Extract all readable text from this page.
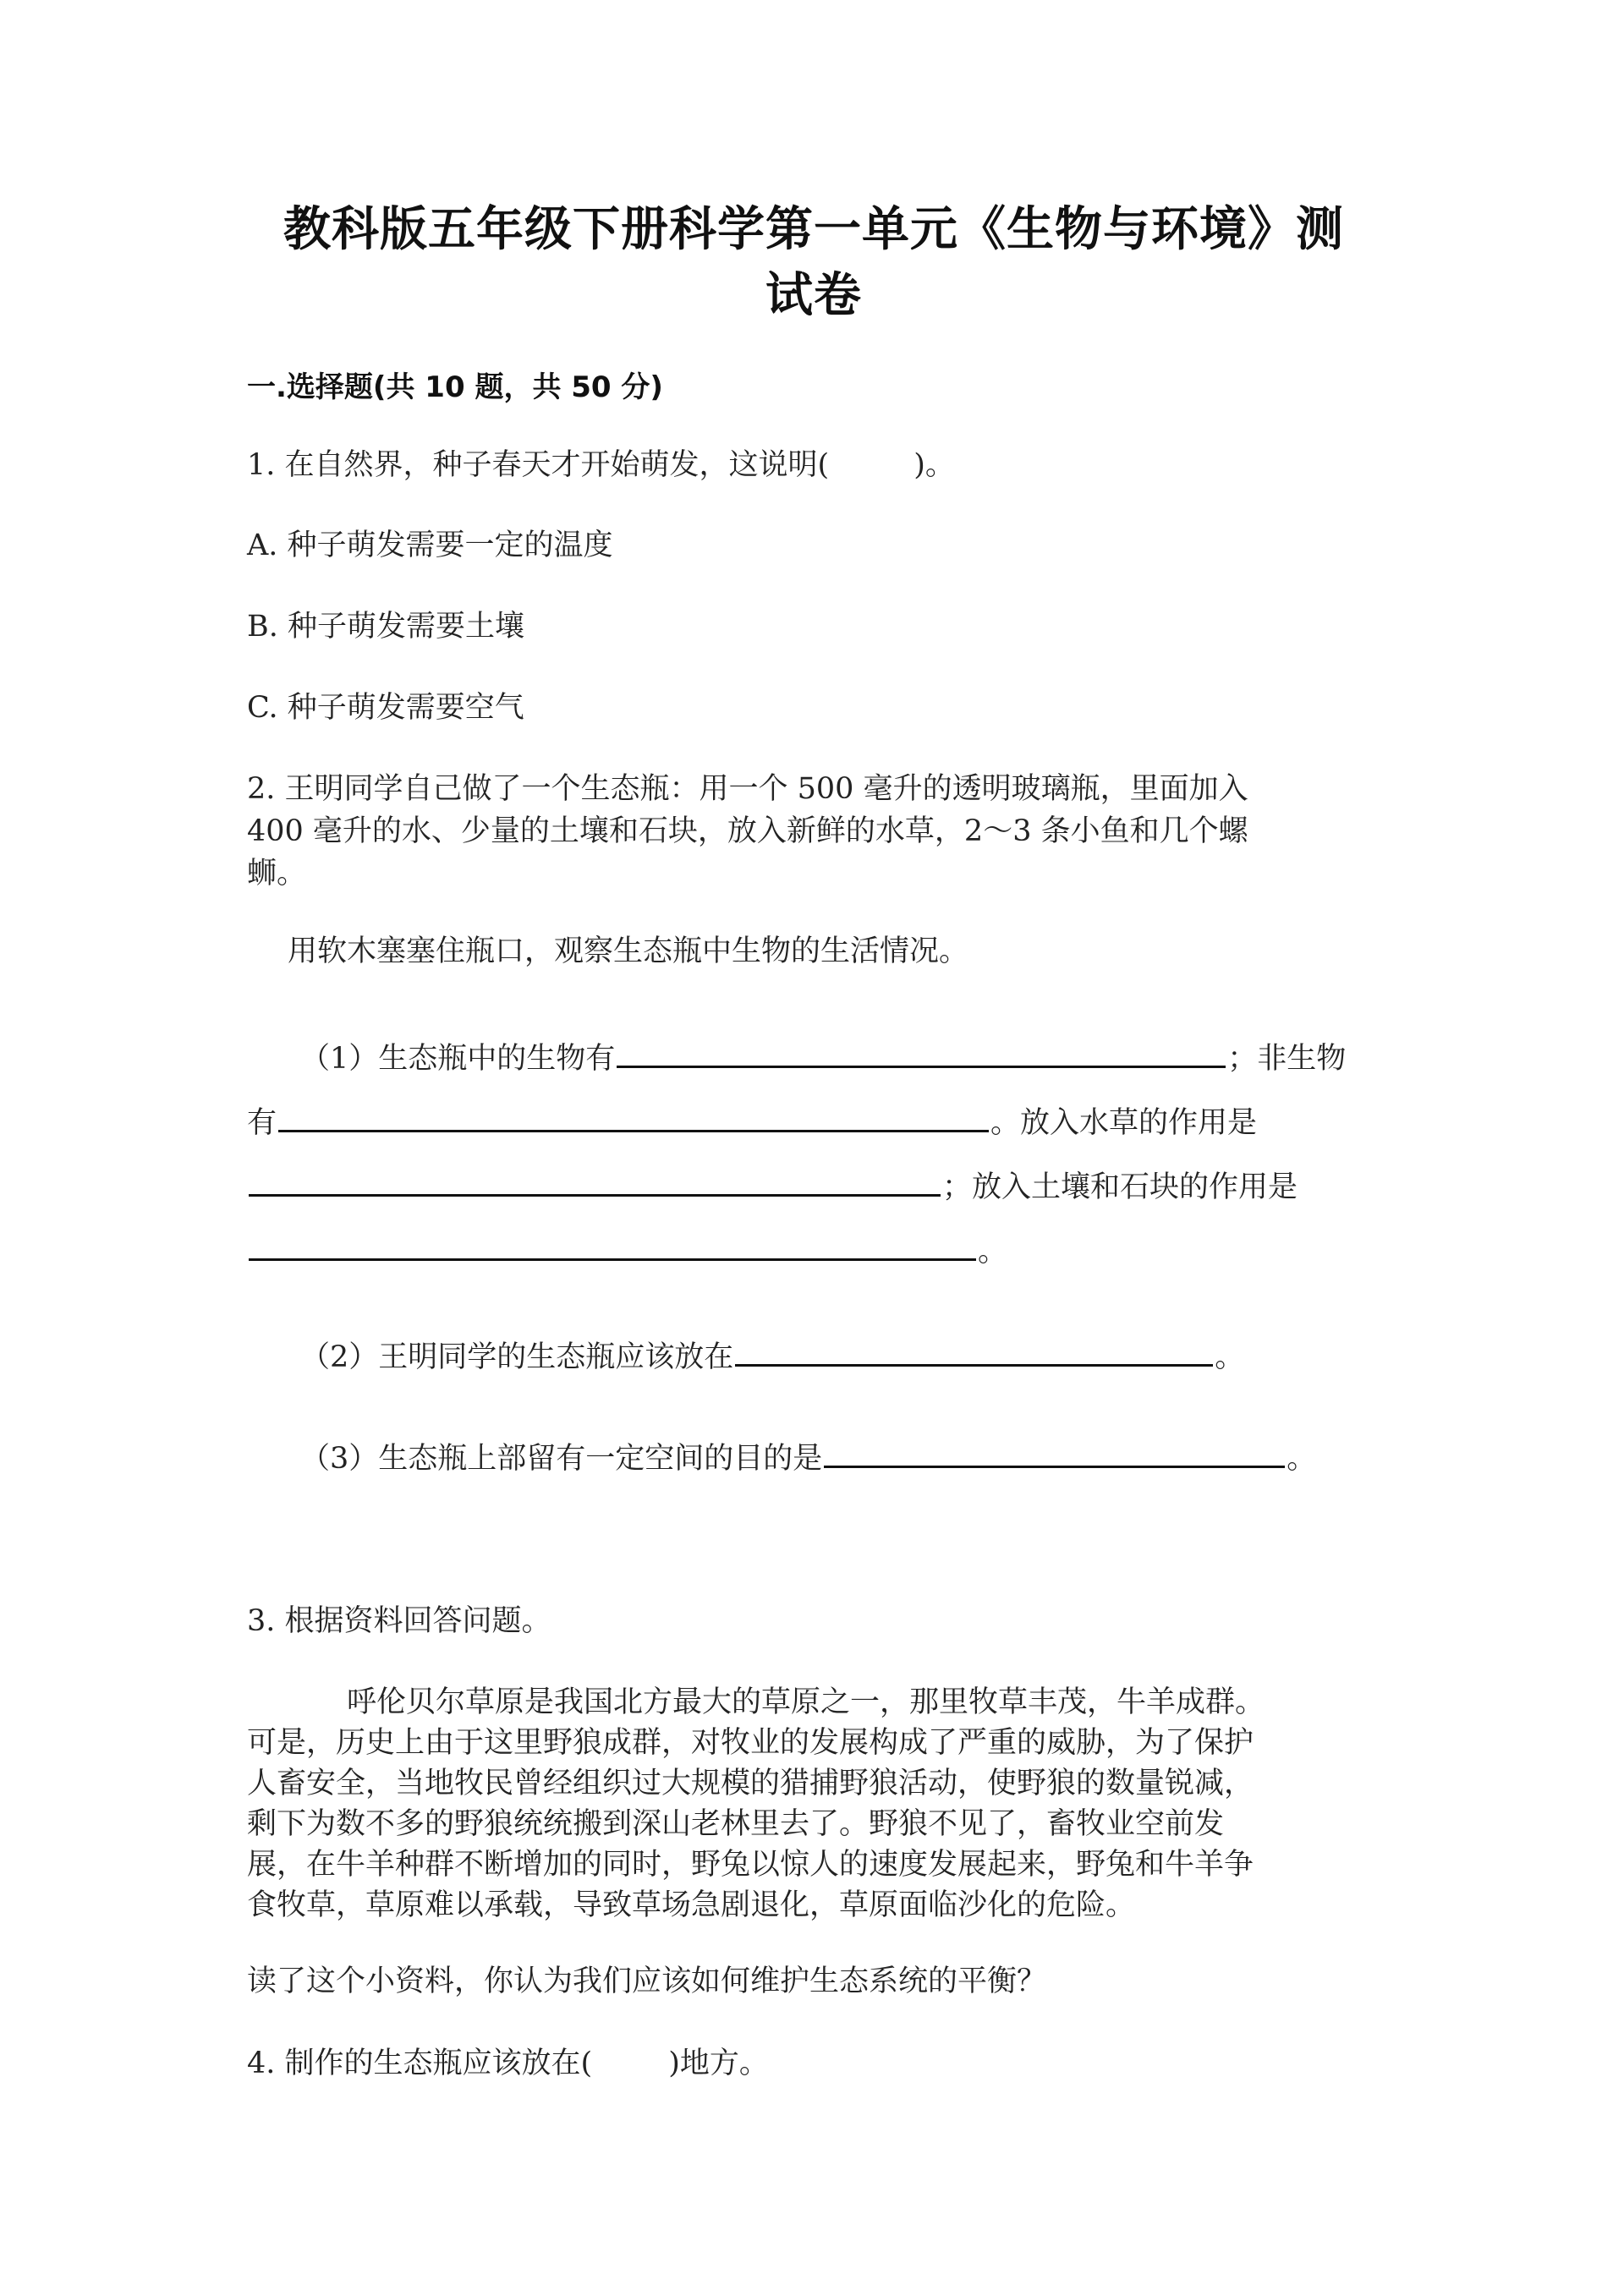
教科版五年级下册科学第一单元《生物与环境》测
试卷
一.选择题(共 10 题，共 50 分)
1. 在自然界，种子春天才开始萌发，这说明(	)。
A. 种子萌发需要一定的温度
B. 种子萌发需要土壤
C. 种子萌发需要空气
2. 王明同学自己做了一个生态瓶：用一个 500 毫升的透明玻璃瓶，里面加入
400 毫升的水、少量的土壤和石块，放入新鲜的水草，2～3 条小鱼和几个螺
蛳。
用软木塞塞住瓶口，观察生态瓶中生物的生活情况。
（1）生态瓶中的生物有	；非生物
有	。放入水草的作用是
；放入土壤和石块的作用是
。
（2）王明同学的生态瓶应该放在	。
（3）生态瓶上部留有一定空间的目的是	。
3. 根据资料回答问题。
呼伦贝尔草原是我国北方最大的草原之一，那里牧草丰茂，牛羊成群。
可是，历史上由于这里野狼成群，对牧业的发展构成了严重的威胁，为了保护
人畜安全，当地牧民曾经组织过大规模的猎捕野狼活动，使野狼的数量锐减，
剩下为数不多的野狼统统搬到深山老林里去了。野狼不见了，畜牧业空前发
展，在牛羊种群不断增加的同时，野兔以惊人的速度发展起来，野兔和牛羊争
食牧草，草原难以承载，导致草场急剧退化，草原面临沙化的危险。
读了这个小资料，你认为我们应该如何维护生态系统的平衡？
4. 制作的生态瓶应该放在(	)地方。
